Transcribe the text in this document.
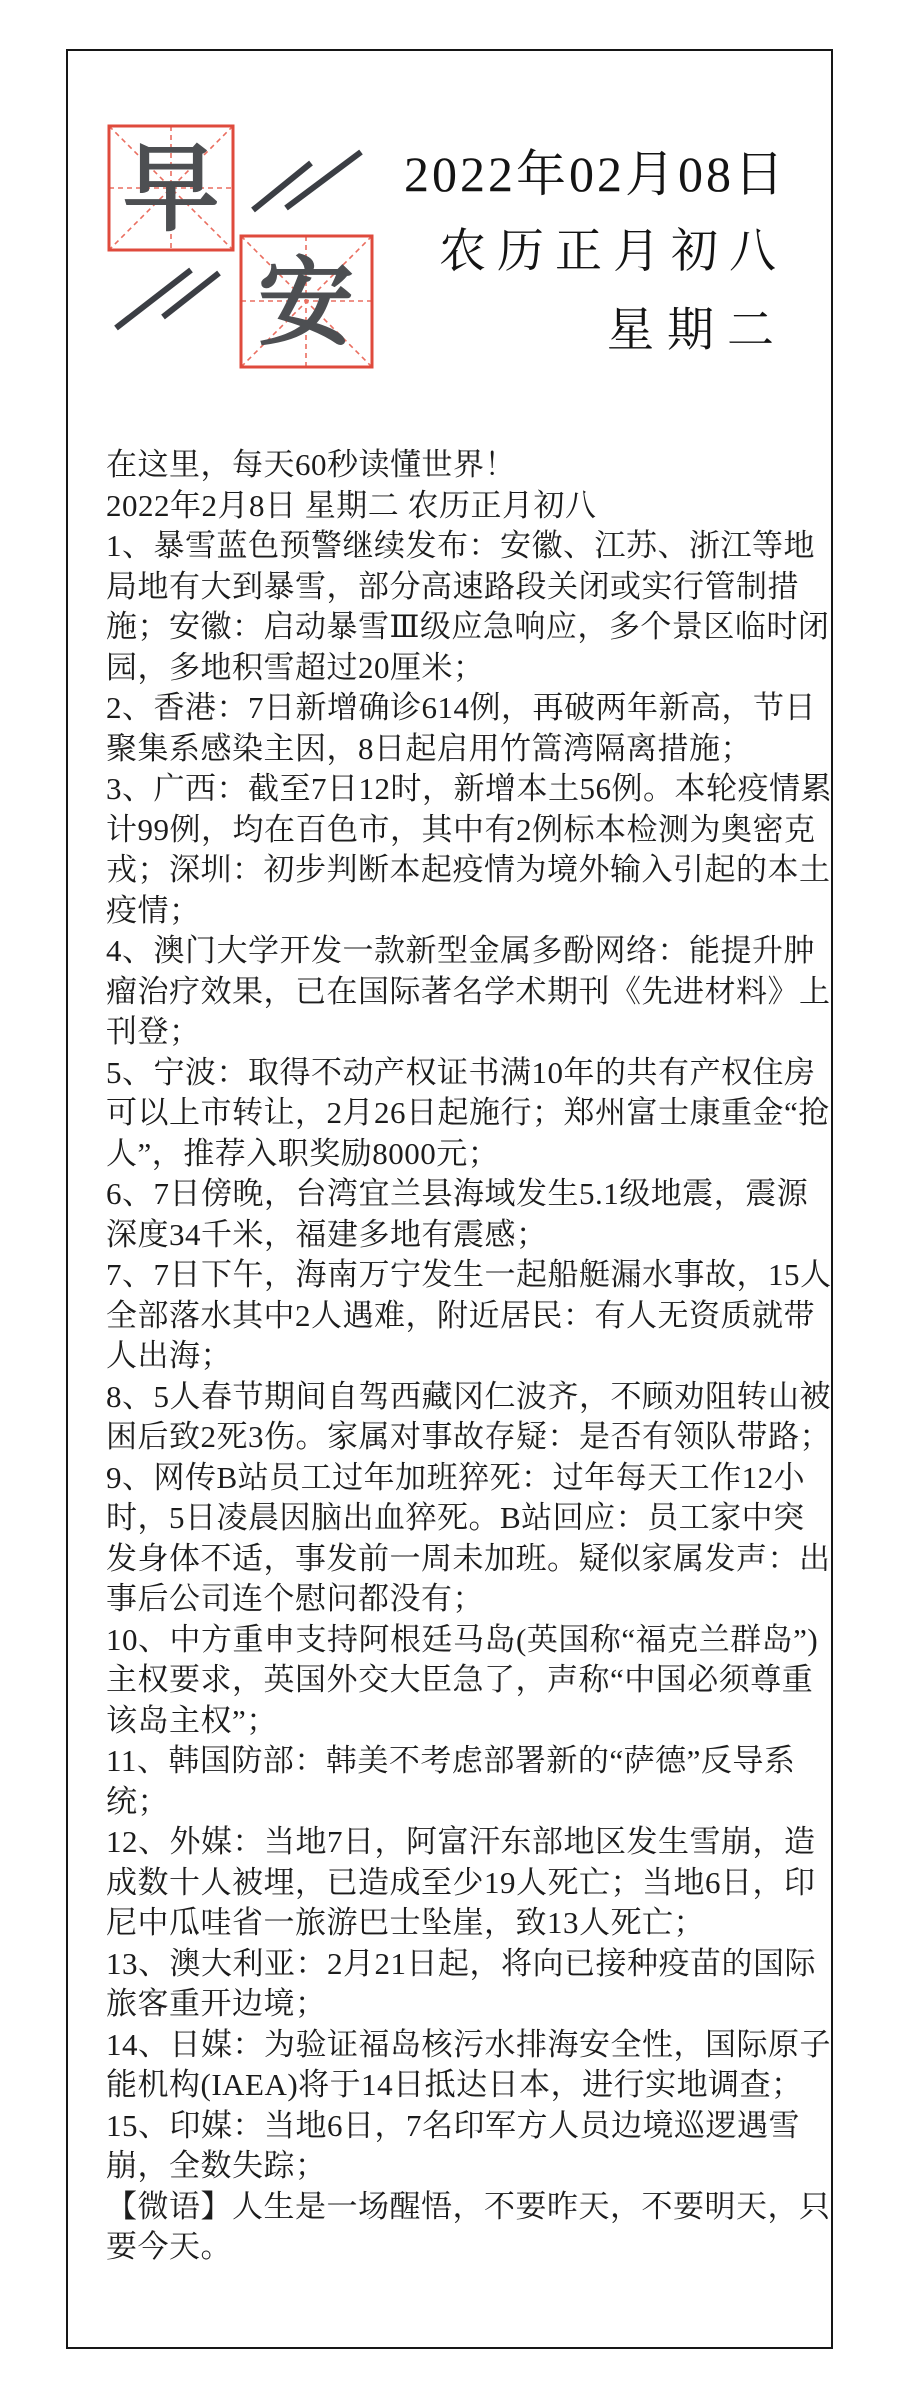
早
安
2022年02月08日
农历正月初八
星期二

在这里，每天60秒读懂世界！

2022年2月8日 星期二 农历正月初八

1、暴雪蓝色预警继续发布：安徽、江苏、浙江等地局地有大到暴雪，部分高速路段关闭或实行管制措施；安徽：启动暴雪Ⅲ级应急响应，多个景区临时闭园，多地积雪超过20厘米；

2、香港：7日新增确诊614例，再破两年新高，节日聚集系感染主因，8日起启用竹篙湾隔离措施；

3、广西：截至7日12时，新增本土56例。本轮疫情累计99例，均在百色市，其中有2例标本检测为奥密克戎；深圳：初步判断本起疫情为境外输入引起的本土疫情；

4、澳门大学开发一款新型金属多酚网络：能提升肿瘤治疗效果，已在国际著名学术期刊《先进材料》上刊登；

5、宁波：取得不动产权证书满10年的共有产权住房可以上市转让，2月26日起施行；郑州富士康重金“抢人”，推荐入职奖励8000元；

6、7日傍晚，台湾宜兰县海域发生5.1级地震，震源深度34千米，福建多地有震感；

7、7日下午，海南万宁发生一起船艇漏水事故，15人全部落水其中2人遇难，附近居民：有人无资质就带人出海；

8、5人春节期间自驾西藏冈仁波齐，不顾劝阻转山被困后致2死3伤。家属对事故存疑：是否有领队带路；

9、网传B站员工过年加班猝死：过年每天工作12小时，5日凌晨因脑出血猝死。B站回应：员工家中突发身体不适，事发前一周未加班。疑似家属发声：出事后公司连个慰问都没有；

10、中方重申支持阿根廷马岛(英国称“福克兰群岛”)主权要求，英国外交大臣急了，声称“中国必须尊重该岛主权”；

11、韩国防部：韩美不考虑部署新的“萨德”反导系统；

12、外媒：当地7日，阿富汗东部地区发生雪崩，造成数十人被埋，已造成至少19人死亡；当地6日，印尼中瓜哇省一旅游巴士坠崖，致13人死亡；

13、澳大利亚：2月21日起，将向已接种疫苗的国际旅客重开边境；

14、日媒：为验证福岛核污水排海安全性，国际原子能机构(IAEA)将于14日抵达日本，进行实地调查；

15、印媒：当地6日，7名印军方人员边境巡逻遇雪崩，全数失踪；

【微语】人生是一场醒悟，不要昨天，不要明天，只要今天。
